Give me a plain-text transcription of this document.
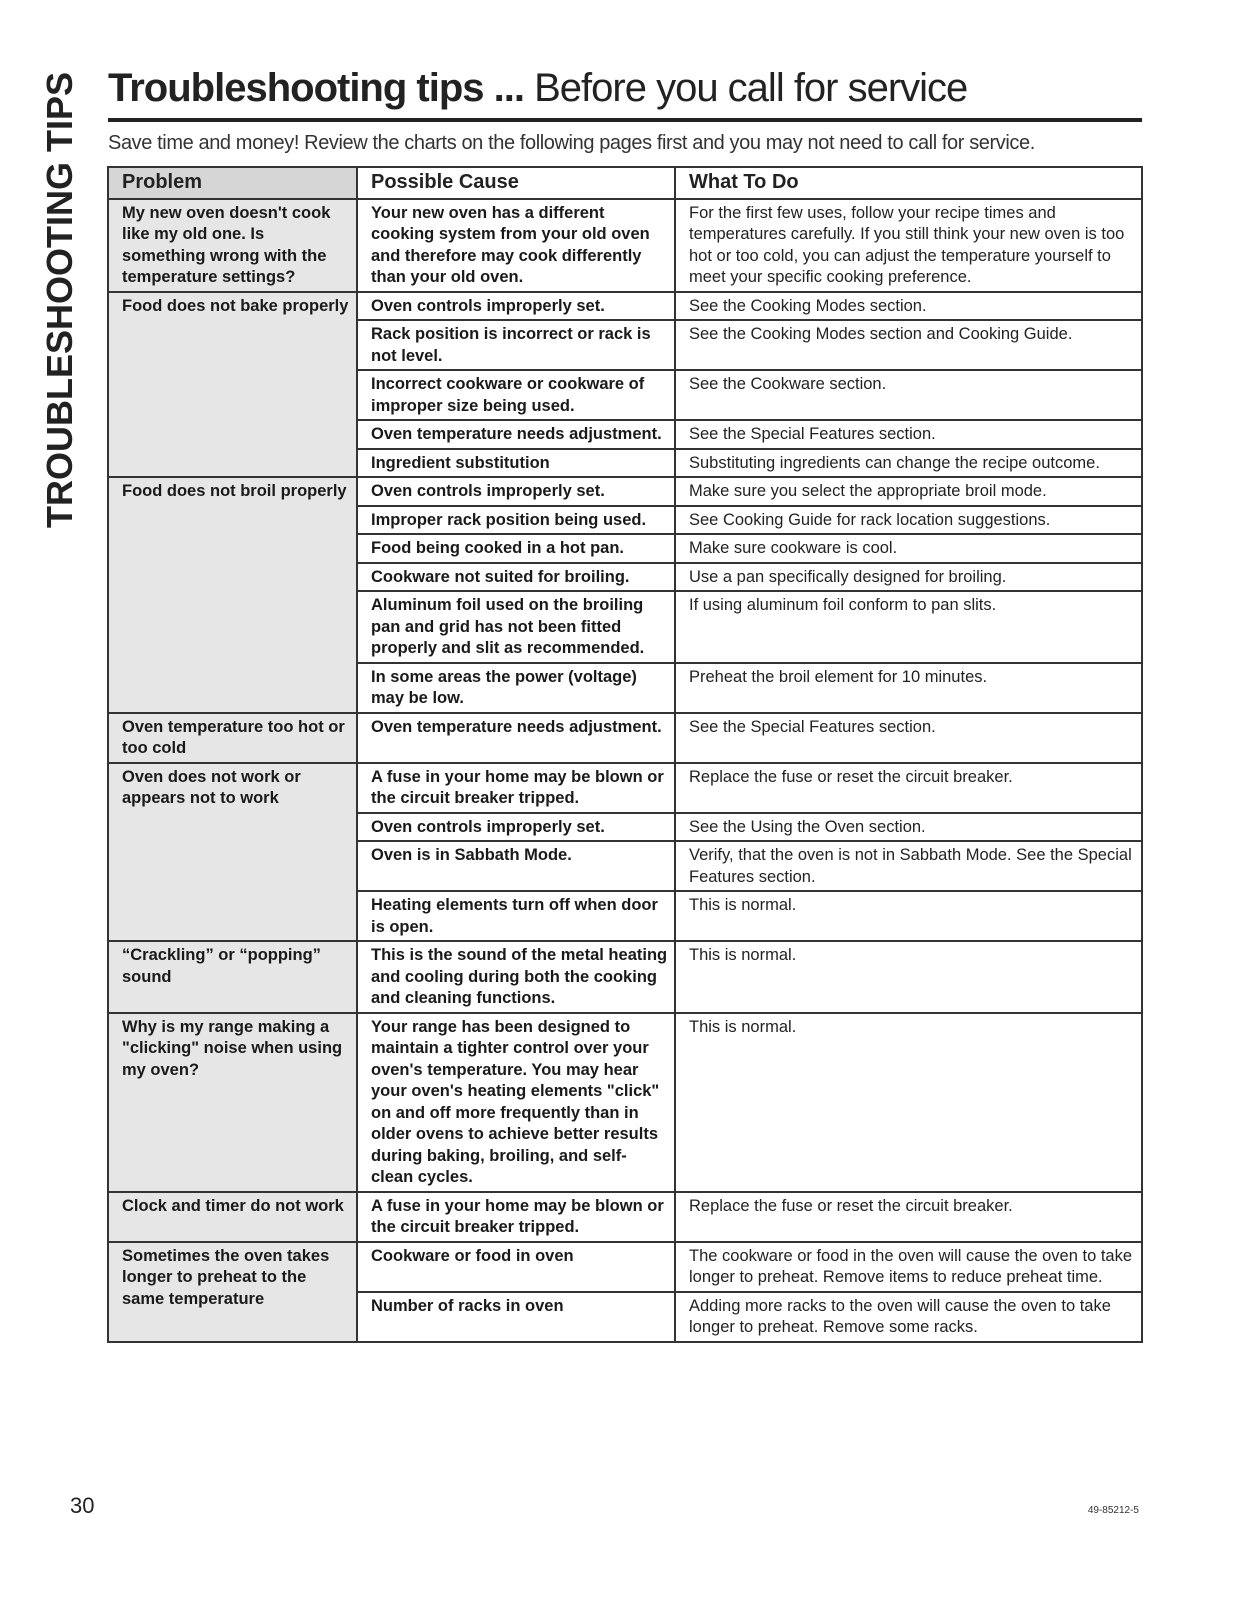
TROUBLESHOOTING TIPS Troubleshooting tips ... Before you call for service
Save time and money! Review the charts on the following pages first and you may not need to call for service.
Problem	Possible Cause	What To Do
My new oven doesn't cook like my old one. Is something wrong with the temperature settings?	Your new oven has a different cooking system from your old oven and therefore may cook differently than your old oven.	For the first few uses, follow your recipe times and temperatures carefully. If you still think your new oven is too hot or too cold, you can adjust the temperature yourself to meet your specific cooking preference.
Food does not bake properly	Oven controls improperly set.	See the Cooking Modes section.
	Rack position is incorrect or rack is not level.	See the Cooking Modes section and Cooking Guide.
	Incorrect cookware or cookware of improper size being used.	See the Cookware section.
	Oven temperature needs adjustment.	See the Special Features section.
	Ingredient substitution	Substituting ingredients can change the recipe outcome.
Food does not broil properly	Oven controls improperly set.	Make sure you select the appropriate broil mode.
	Improper rack position being used.	See Cooking Guide for rack location suggestions.
	Food being cooked in a hot pan.	Make sure cookware is cool.
	Cookware not suited for broiling.	Use a pan specifically designed for broiling.
	Aluminum foil used on the broiling pan and grid has not been fitted properly and slit as recommended.	If using aluminum foil conform to pan slits.
	In some areas the power (voltage) may be low.	Preheat the broil element for 10 minutes.
Oven temperature too hot or too cold	Oven temperature needs adjustment.	See the Special Features section.
Oven does not work or appears not to work	A fuse in your home may be blown or the circuit breaker tripped.	Replace the fuse or reset the circuit breaker.
	Oven controls improperly set.	See the Using the Oven section.
	Oven is in Sabbath Mode.	Verify, that the oven is not in Sabbath Mode. See the Special Features section.
	Heating elements turn off when door is open.	This is normal.
“Crackling” or “popping” sound	This is the sound of the metal heating and cooling during both the cooking and cleaning functions.	This is normal.
Why is my range making a "clicking" noise when using my oven?	Your range has been designed to maintain a tighter control over your oven's temperature. You may hear your oven's heating elements "click" on and off more frequently than in older ovens to achieve better results during baking, broiling, and self-clean cycles.	This is normal.
Clock and timer do not work	A fuse in your home may be blown or the circuit breaker tripped.	Replace the fuse or reset the circuit breaker.
Sometimes the oven takes longer to preheat to the same temperature	Cookware or food in oven	The cookware or food in the oven will cause the oven to take longer to preheat. Remove items to reduce preheat time.
	Number of racks in oven	Adding more racks to the oven will cause the oven to take longer to preheat. Remove some racks.
30	49-85212-5
